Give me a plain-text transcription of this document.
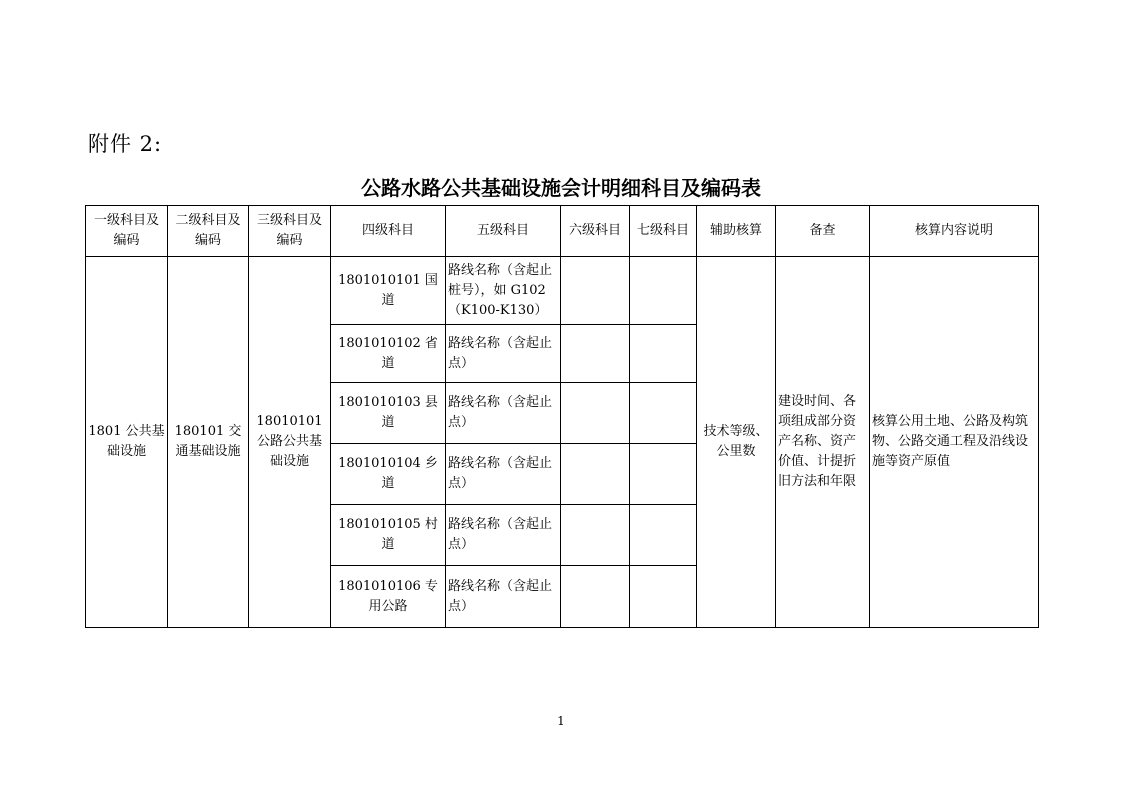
附件 2:
公路水路公共基础设施会计明细科目及编码表
一级科目及编码	二级科目及编码	三级科目及编码	四级科目	五级科目	六级科目	七级科目	辅助核算	备查	核算内容说明
1801 公共基础设施	180101 交通基础设施	18010101 公路公共基础设施	1801010101 国道	路线名称（含起止桩号），如 G102（K100-K130）			技术等级、公里数	建设时间、各项组成部分资产名称、资产价值、计提折旧方法和年限	核算公用土地、公路及构筑物、公路交通工程及沿线设施等资产原值
			1801010102 省道	路线名称（含起止点）					
			1801010103 县道	路线名称（含起止点）					
			1801010104 乡道	路线名称（含起止点）					
			1801010105 村道	路线名称（含起止点）					
			1801010106 专用公路	路线名称（含起止点）					
1
